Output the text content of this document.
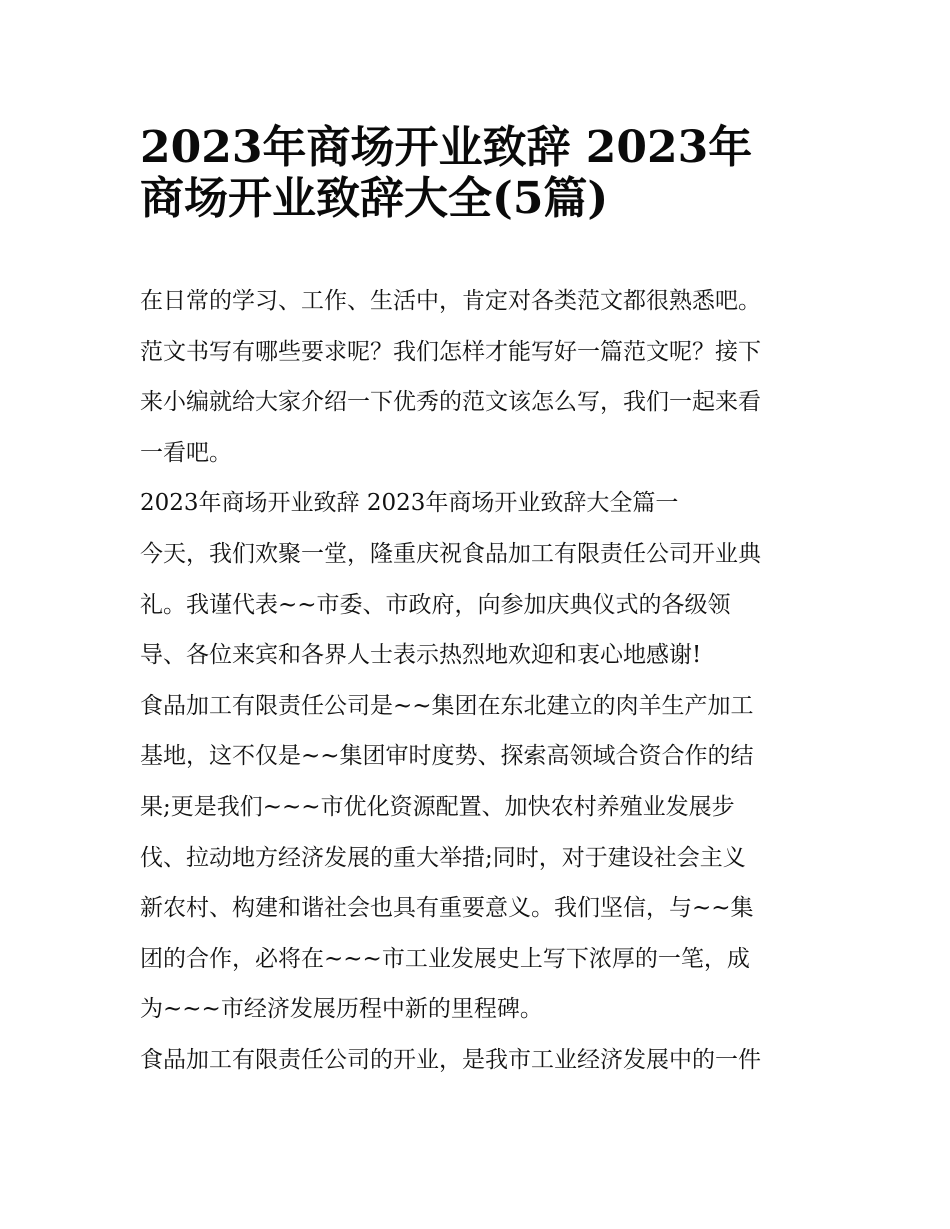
2023年商场开业致辞 2023年
商场开业致辞大全(5篇)
在日常的学习、工作、生活中，肯定对各类范文都很熟悉吧。
范文书写有哪些要求呢？我们怎样才能写好一篇范文呢？接下
来小编就给大家介绍一下优秀的范文该怎么写，我们一起来看
一看吧。
2023年商场开业致辞 2023年商场开业致辞大全篇一
今天，我们欢聚一堂，隆重庆祝食品加工有限责任公司开业典
礼。我谨代表~~市委、市政府，向参加庆典仪式的各级领
导、各位来宾和各界人士表示热烈地欢迎和衷心地感谢!
食品加工有限责任公司是~~集团在东北建立的肉羊生产加工
基地，这不仅是~~集团审时度势、探索高领域合资合作的结
果;更是我们~~~市优化资源配置、加快农村养殖业发展步
伐、拉动地方经济发展的重大举措;同时，对于建设社会主义
新农村、构建和谐社会也具有重要意义。我们坚信，与~~集
团的合作，必将在~~~市工业发展史上写下浓厚的一笔，成
为~~~市经济发展历程中新的里程碑。
食品加工有限责任公司的开业，是我市工业经济发展中的一件
